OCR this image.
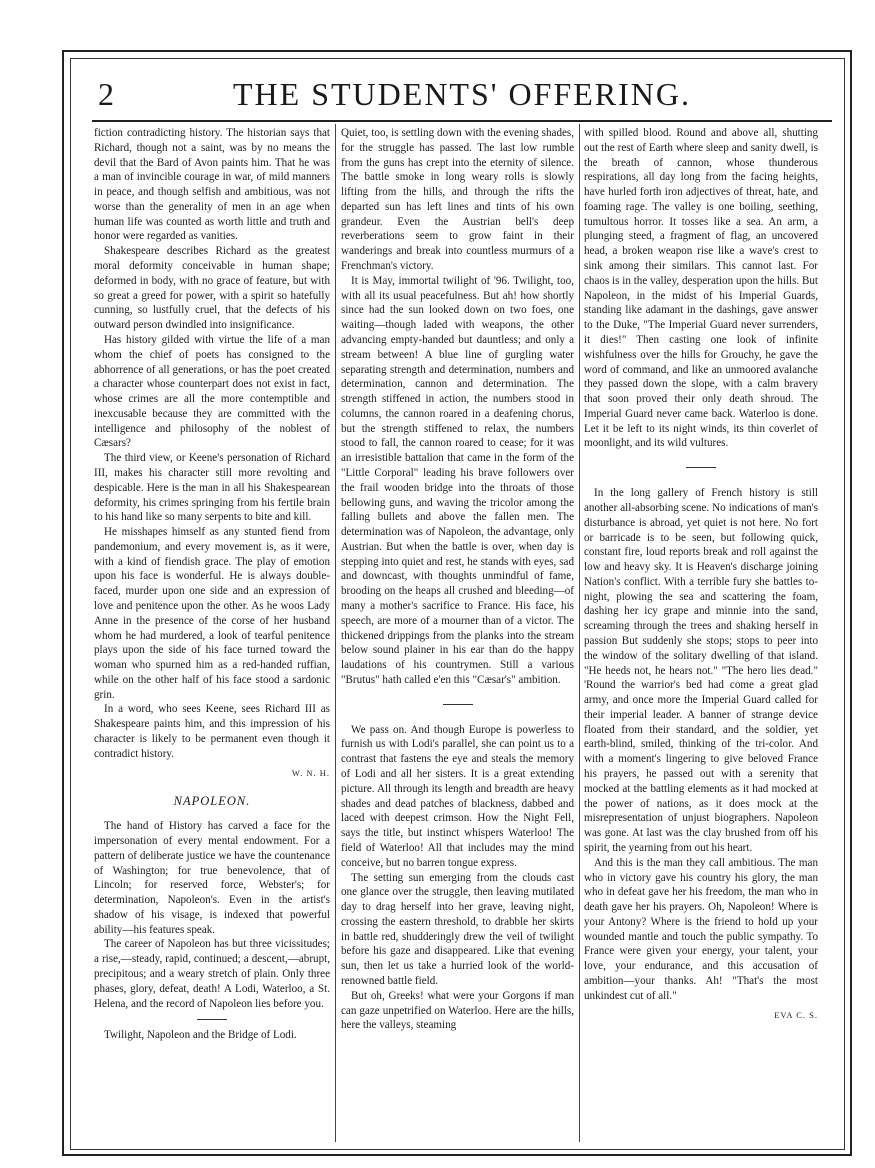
2	THE STUDENTS' OFFERING.

fiction contradicting history. The historian says that Richard, though not a saint, was by no means the devil that the Bard of Avon paints him. That he was a man of invincible courage in war, of mild manners in peace, and though selfish and ambitious, was not worse than the generality of men in an age when human life was counted as worth little and truth and honor were regarded as vanities.

Shakespeare describes Richard as the greatest moral deformity conceivable in human shape; deformed in body, with no grace of feature, but with so great a greed for power, with a spirit so hatefully cunning, so lustfully cruel, that the defects of his outward person dwindled into insignificance.

Has history gilded with virtue the life of a man whom the chief of poets has consigned to the abhorrence of all generations, or has the poet created a character whose counterpart does not exist in fact, whose crimes are all the more contemptible and inexcusable because they are committed with the intelligence and philosophy of the noblest of Cæsars?

The third view, or Keene's personation of Richard III, makes his character still more revolting and despicable. Here is the man in all his Shakespearean deformity, his crimes springing from his fertile brain to his hand like so many serpents to bite and kill.

He misshapes himself as any stunted fiend from pandemonium, and every movement is, as it were, with a kind of fiendish grace. The play of emotion upon his face is wonderful. He is always double-faced, murder upon one side and an expression of love and penitence upon the other. As he woos Lady Anne in the presence of the corse of her husband whom he had murdered, a look of tearful penitence plays upon the side of his face turned toward the woman who spurned him as a red-handed ruffian, while on the other half of his face stood a sardonic grin.

In a word, who sees Keene, sees Richard III as Shakespeare paints him, and this impression of his character is likely to be permanent even though it contradict history.

W. N. H.

NAPOLEON.

The hand of History has carved a face for the impersonation of every mental endowment. For a pattern of deliberate justice we have the countenance of Washington; for true benevolence, that of Lincoln; for reserved force, Webster's; for determination, Napoleon's. Even in the artist's shadow of his visage, is indexed that powerful ability—his features speak.

The career of Napoleon has but three vicissitudes; a rise,—steady, rapid, continued; a descent,—abrupt, precipitous; and a weary stretch of plain. Only three phases, glory, defeat, death! A Lodi, Waterloo, a St. Helena, and the record of Napoleon lies before you.

Twilight, Napoleon and the Bridge of Lodi.

Quiet, too, is settling down with the evening shades, for the struggle has passed. The last low rumble from the guns has crept into the eternity of silence. The battle smoke in long weary rolls is slowly lifting from the hills, and through the rifts the departed sun has left lines and tints of his own grandeur. Even the Austrian bell's deep reverberations seem to grow faint in their wanderings and break into countless murmurs of a Frenchman's victory.

It is May, immortal twilight of '96. Twilight, too, with all its usual peacefulness. But ah! how shortly since had the sun looked down on two foes, one waiting—though laded with weapons, the other advancing empty-handed but dauntless; and only a stream between! A blue line of gurgling water separating strength and determination, numbers and determination, cannon and determination. The strength stiffened in action, the numbers stood in columns, the cannon roared in a deafening chorus, but the strength stiffened to relax, the numbers stood to fall, the cannon roared to cease; for it was an irresistible battalion that came in the form of the "Little Corporal" leading his brave followers over the frail wooden bridge into the throats of those bellowing guns, and waving the tricolor among the falling bullets and above the fallen men. The determination was of Napoleon, the advantage, only Austrian. But when the battle is over, when day is stepping into quiet and rest, he stands with eyes, sad and downcast, with thoughts unmindful of fame, brooding on the heaps all crushed and bleeding—of many a mother's sacrifice to France. His face, his speech, are more of a mourner than of a victor. The thickened drippings from the planks into the stream below sound plainer in his ear than do the happy laudations of his countrymen. Still a various "Brutus" hath called e'en this "Cæsar's" ambition.

We pass on. And though Europe is powerless to furnish us with Lodi's parallel, she can point us to a contrast that fastens the eye and steals the memory of Lodi and all her sisters. It is a great extending picture. All through its length and breadth are heavy shades and dead patches of blackness, dabbed and laced with deepest crimson. How the Night Fell, says the title, but instinct whispers Waterloo! The field of Waterloo! All that includes may the mind conceive, but no barren tongue express.

The setting sun emerging from the clouds cast one glance over the struggle, then leaving mutilated day to drag herself into her grave, leaving night, crossing the eastern threshold, to drabble her skirts in battle red, shudderingly drew the veil of twilight before his gaze and disappeared. Like that evening sun, then let us take a hurried look of the world-renowned battle field.

But oh, Greeks! what were your Gorgons if man can gaze unpetrified on Waterloo. Here are the hills, here the valleys, steaming

with spilled blood. Round and above all, shutting out the rest of Earth where sleep and sanity dwell, is the breath of cannon, whose thunderous respirations, all day long from the facing heights, have hurled forth iron adjectives of threat, hate, and foaming rage. The valley is one boiling, seething, tumultous horror. It tosses like a sea. An arm, a plunging steed, a fragment of flag, an uncovered head, a broken weapon rise like a wave's crest to sink among their similars. This cannot last. For chaos is in the valley, desperation upon the hills. But Napoleon, in the midst of his Imperial Guards, standing like adamant in the dashings, gave answer to the Duke, "The Imperial Guard never surrenders, it dies!" Then casting one look of infinite wishfulness over the hills for Grouchy, he gave the word of command, and like an unmoored avalanche they passed down the slope, with a calm bravery that soon proved their only death shroud. The Imperial Guard never came back. Waterloo is done. Let it be left to its night winds, its thin coverlet of moonlight, and its wild vultures.

In the long gallery of French history is still another all-absorbing scene. No indications of man's disturbance is abroad, yet quiet is not here. No fort or barricade is to be seen, but following quick, constant fire, loud reports break and roll against the low and heavy sky. It is Heaven's discharge joining Nation's conflict. With a terrible fury she battles to-night, plowing the sea and scattering the foam, dashing her icy grape and minnie into the sand, screaming through the trees and shaking herself in passion But suddenly she stops; stops to peer into the window of the solitary dwelling of that island. "He heeds not, he hears not." "The hero lies dead." 'Round the warrior's bed had come a great glad army, and once more the Imperial Guard called for their imperial leader. A banner of strange device floated from their standard, and the soldier, yet earth-blind, smiled, thinking of the tri-color. And with a moment's lingering to give beloved France his prayers, he passed out with a serenity that mocked at the battling elements as it had mocked at the power of nations, as it does mock at the misrepresentation of unjust biographers. Napoleon was gone. At last was the clay brushed from off his spirit, the yearning from out his heart.

And this is the man they call ambitious. The man who in victory gave his country his glory, the man who in defeat gave her his freedom, the man who in death gave her his prayers. Oh, Napoleon! Where is your Antony? Where is the friend to hold up your wounded mantle and touch the public sympathy. To France were given your energy, your talent, your love, your endurance, and this accusation of ambition—your thanks. Ah! "That's the most unkindest cut of all."

EVA C. S.
